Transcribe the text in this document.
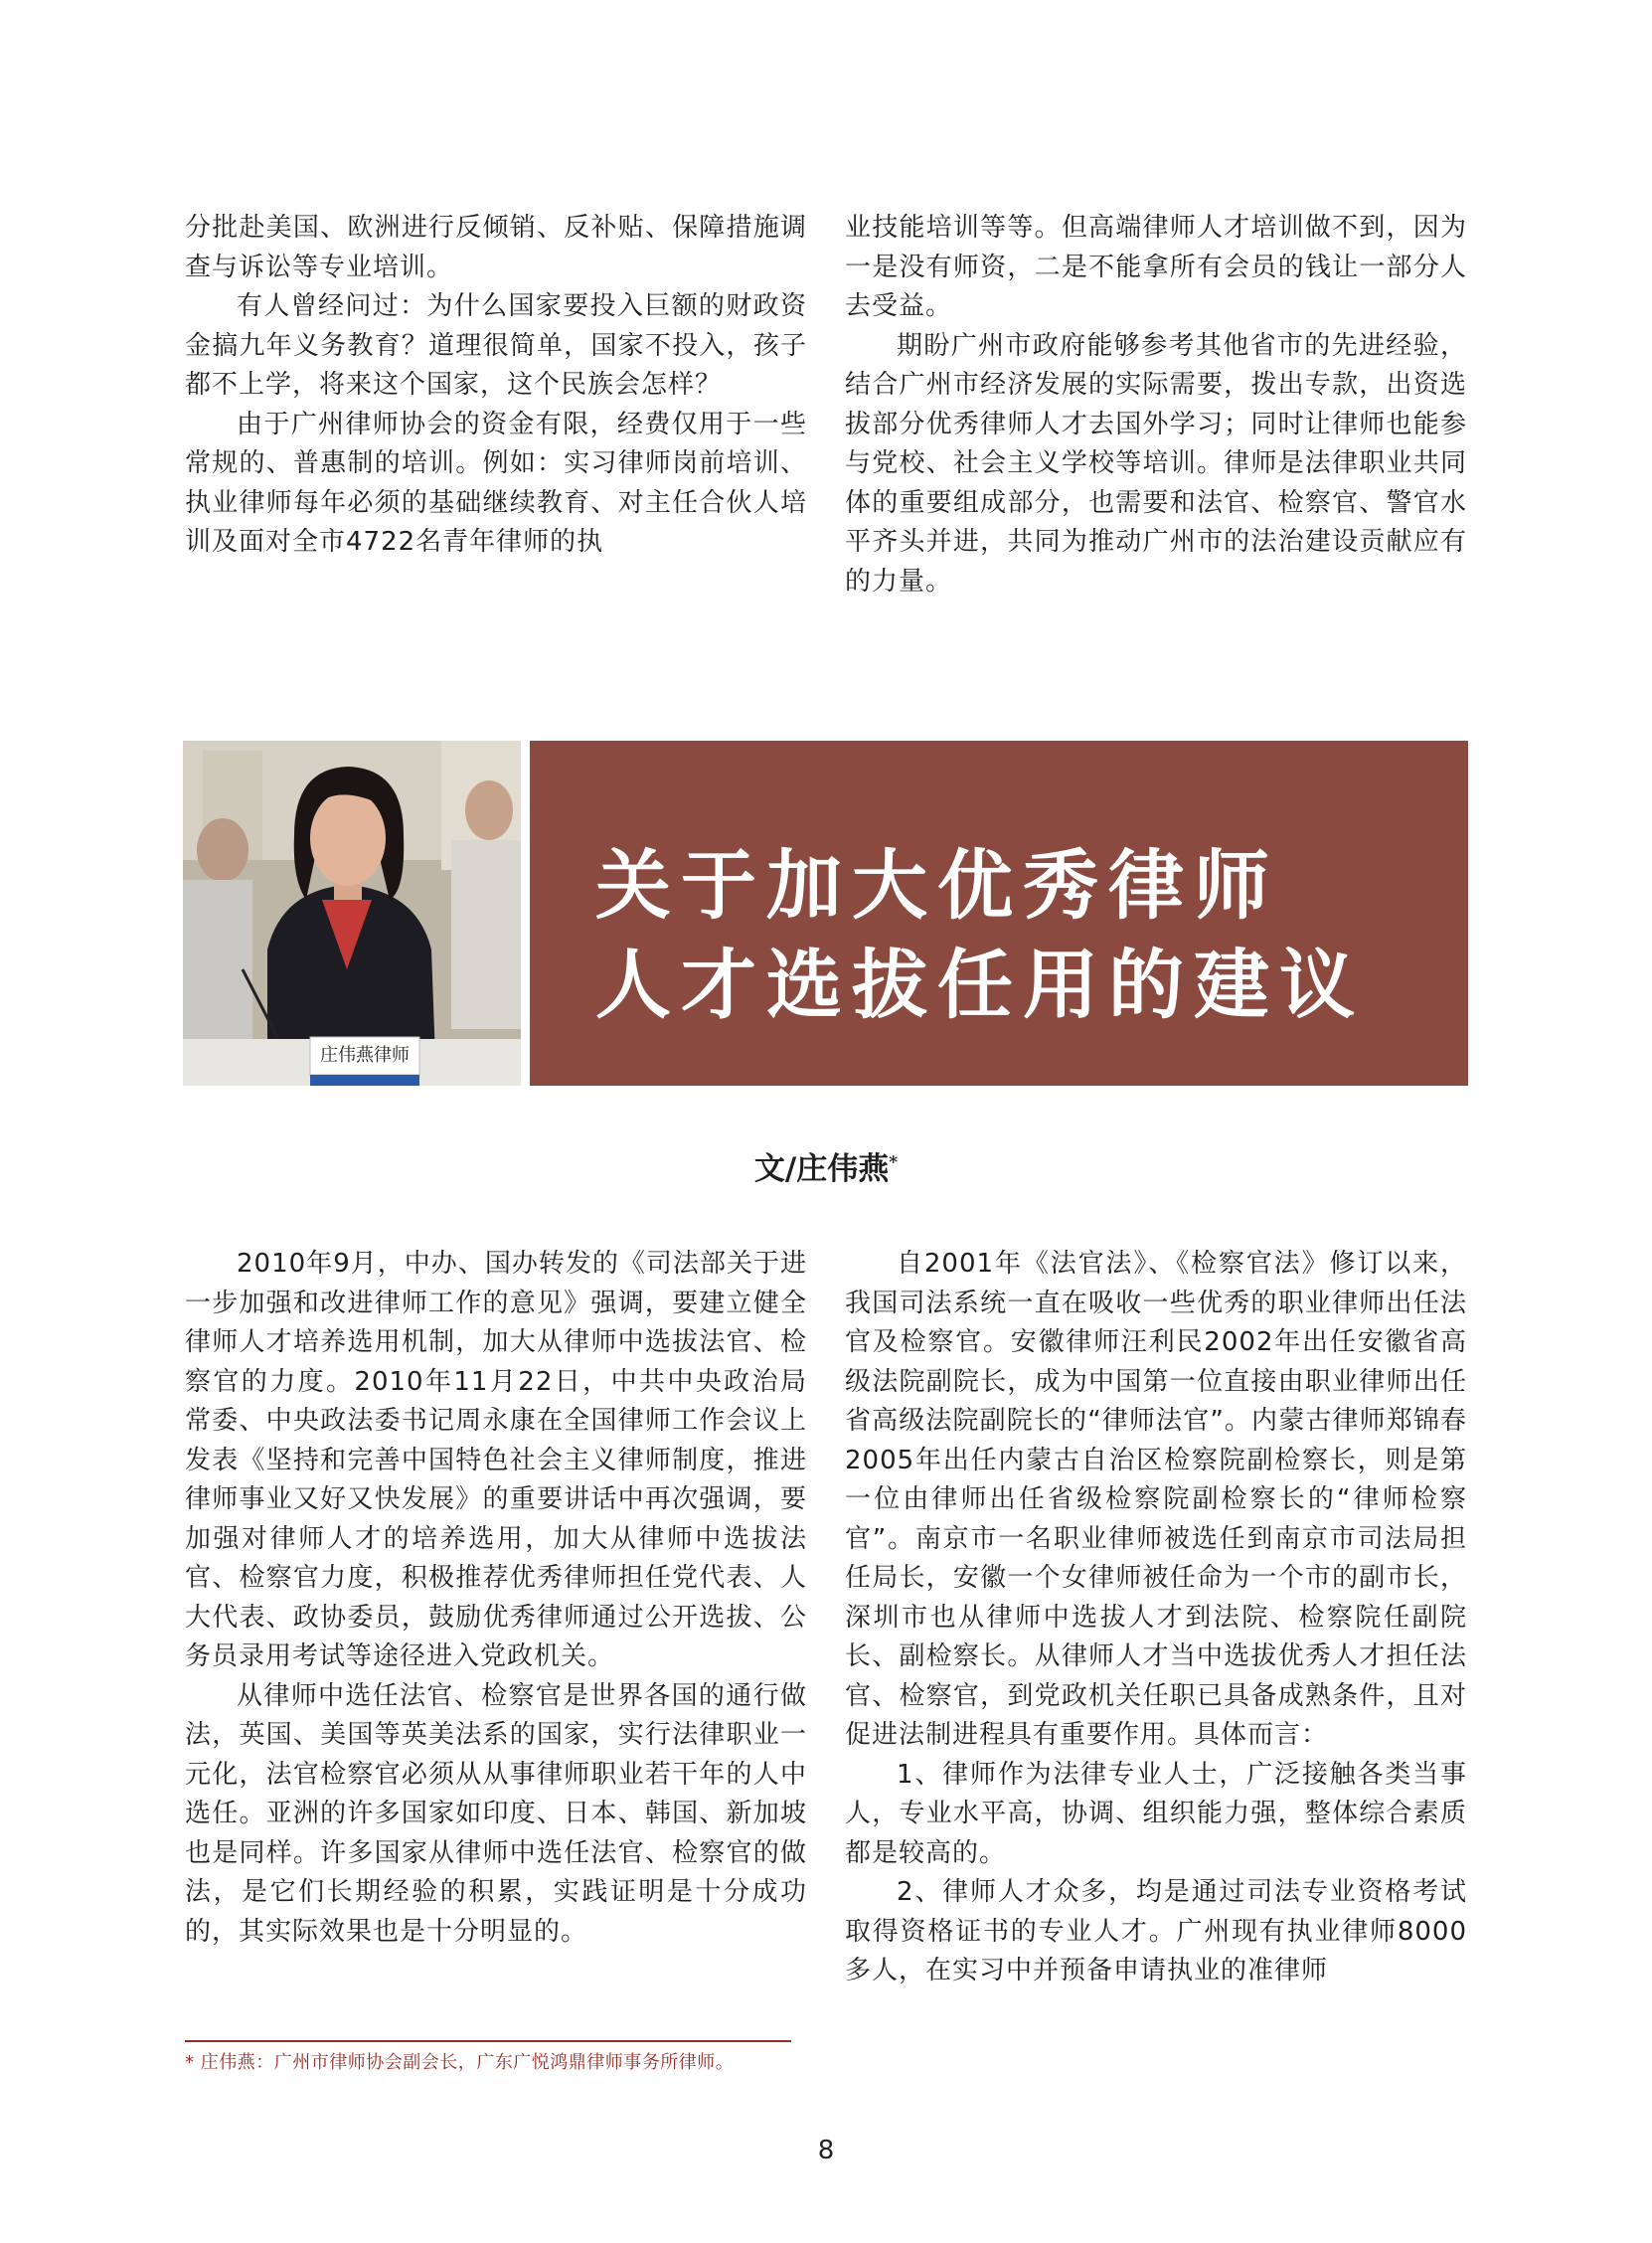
分批赴美国、欧洲进行反倾销、反补贴、保障措施调查与诉讼等专业培训。

有人曾经问过：为什么国家要投入巨额的财政资金搞九年义务教育？道理很简单，国家不投入，孩子都不上学，将来这个国家，这个民族会怎样？

由于广州律师协会的资金有限，经费仅用于一些常规的、普惠制的培训。例如：实习律师岗前培训、执业律师每年必须的基础继续教育、对主任合伙人培训及面对全市4722名青年律师的执

业技能培训等等。但高端律师人才培训做不到，因为一是没有师资，二是不能拿所有会员的钱让一部分人去受益。

期盼广州市政府能够参考其他省市的先进经验，结合广州市经济发展的实际需要，拨出专款，出资选拔部分优秀律师人才去国外学习；同时让律师也能参与党校、社会主义学校等培训。律师是法律职业共同体的重要组成部分，也需要和法官、检察官、警官水平齐头并进，共同为推动广州市的法治建设贡献应有的力量。

庄伟燕律师
关于加大优秀律师
人才选拔任用的建议
文/庄伟燕*

2010年9月，中办、国办转发的《司法部关于进一步加强和改进律师工作的意见》强调，要建立健全律师人才培养选用机制，加大从律师中选拔法官、检察官的力度。2010年11月22日，中共中央政治局常委、中央政法委书记周永康在全国律师工作会议上发表《坚持和完善中国特色社会主义律师制度，推进律师事业又好又快发展》的重要讲话中再次强调，要加强对律师人才的培养选用，加大从律师中选拔法官、检察官力度，积极推荐优秀律师担任党代表、人大代表、政协委员，鼓励优秀律师通过公开选拔、公务员录用考试等途径进入党政机关。

从律师中选任法官、检察官是世界各国的通行做法，英国、美国等英美法系的国家，实行法律职业一元化，法官检察官必须从从事律师职业若干年的人中选任。亚洲的许多国家如印度、日本、韩国、新加坡也是同样。许多国家从律师中选任法官、检察官的做法，是它们长期经验的积累，实践证明是十分成功的，其实际效果也是十分明显的。

自2001年《法官法》、《检察官法》修订以来，我国司法系统一直在吸收一些优秀的职业律师出任法官及检察官。安徽律师汪利民2002年出任安徽省高级法院副院长，成为中国第一位直接由职业律师出任省高级法院副院长的“律师法官”。内蒙古律师郑锦春2005年出任内蒙古自治区检察院副检察长，则是第一位由律师出任省级检察院副检察长的“律师检察官”。南京市一名职业律师被选任到南京市司法局担任局长，安徽一个女律师被任命为一个市的副市长，深圳市也从律师中选拔人才到法院、检察院任副院长、副检察长。从律师人才当中选拔优秀人才担任法官、检察官，到党政机关任职已具备成熟条件，且对促进法制进程具有重要作用。具体而言：

1、律师作为法律专业人士，广泛接触各类当事人，专业水平高，协调、组织能力强，整体综合素质都是较高的。

2、律师人才众多，均是通过司法专业资格考试取得资格证书的专业人才。广州现有执业律师8000多人，在实习中并预备申请执业的准律师

* 庄伟燕：广州市律师协会副会长，广东广悦鸿鼎律师事务所律师。
8
